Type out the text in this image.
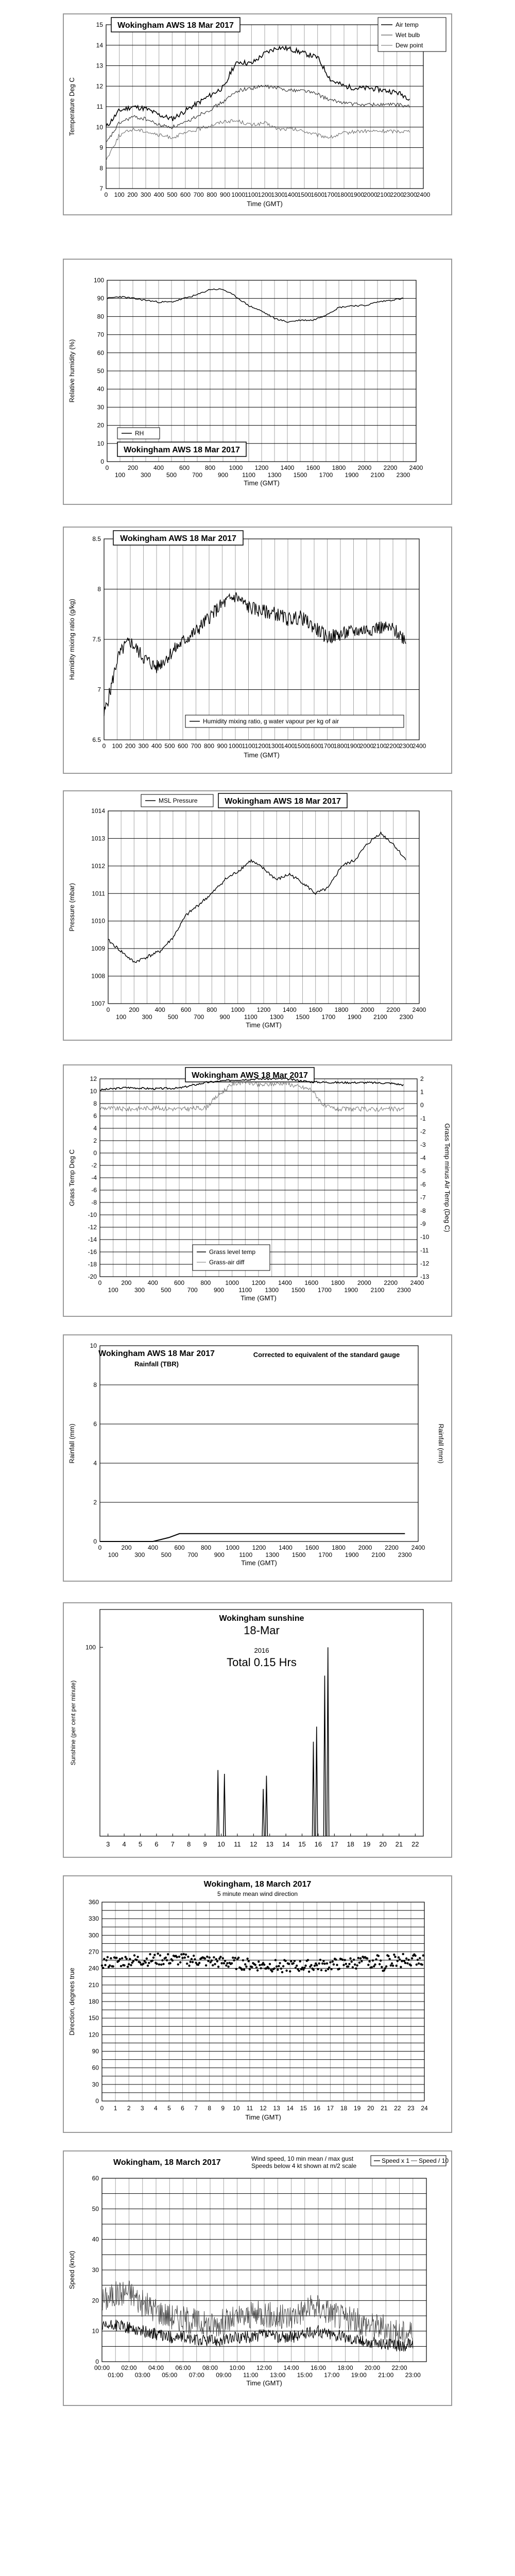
7
8
9
10
11
12
13
14
15
0 100 200 300 400 500 600 700 800 900 1000 1100 1200
1300
1400
1500
1600
1700
1800
1900
2000
2100
2200
2300
2400
Time (GMT)
Temperature Deg C
Wokingham AWS 18 Mar 2017	Air temp
Wet bulb
Dew point
0
10
20
30
40
50
60
70
80
90
100
0	200 400 600 800 1000 1200 1400 1600 1800 2000 2200 2400
100 300 500 700 900 1100 1300 1500 1700 1900 2100 2300
Time (GMT)
Relative humidity (%)
RH
Wokingham AWS 18 Mar 2017
6.5
7
7.5
8
8.5
0 100 200 300 400 500 600 700 800 900 1000 1100 1200
1300
1400
1500
1600
1700
1800
1900
2000
2100
2200
2300
2400
Time (GMT)
Humidity mixing ratio (g/kg)
Wokingham AWS 18 Mar 2017
Humidity mixing ratio, g water vapour per kg of air
1007
1008
1009
1010
1011
1012
1013
1014
0	200	400	600	800 1000 1200 1400 1600 1800 2000 2200 2400
100	300	500	700	900 1100 1300 1500 1700 1900 2100 2300
Time (GMT)
Pressure (mbar)
MSL Pressure	Wokingham AWS 18 Mar 2017
12
10
8
6
4
2
0
-2
-4
-6
-8
-10
-12
-14
-16
-18
-20
2
1
0
-1
-2
-3
-4
-5
-6
-7
-8
-9
-10
-11
-12
-13
0	200	400	600	800 1000 1200 1400 1600 1800 2000 2200 2400
100	300	500	700	900 1100 1300 1500 1700 1900 2100 2300
Time (GMT)
Grass Temp Deg C	Grass Temp minus Air Temp (Deg C)
Wokingham AWS 18 Mar 2017
Grass level temp
Grass-air diff
0
2
4
6
8
10
0	200	400	600	800 1000 1200 1400 1600 1800 2000 2200 2400
100	300	500	700	900 1100 1300 1500 1700 1900 2100 2300
Time (GMT)
Rainfall (mm)	Rainfall (mm)
Wokingham AWS 18 Mar 2017
Rainfall (TBR)
Corrected to equivalent of the standard gauge
100
3 4 5 6 7 8 9 10 11 12 13 14 15 16 17 18 19 20 21 22
Sunshine (per cent per minute)
Wokingham sunshine
18-Mar
2016
Total 0.15 Hrs
0
30
60
90
120
150
180
210
240
270
300
330
360
0 1 2 3 4 5 6 7 8 9 10 11 12 13 14 15 16 17 18 19 20 21 22 23 24
Time (GMT)
Direction, degrees true
Wokingham, 18 March 2017
5 minute mean wind direction
0
10
20
30
40
50
60
00:00 02:00 04:00 06:00 08:00 10:00 12:00 14:00 16:00 18:00 20:00 22:00
01:00 03:00 05:00 07:00 09:00 11:00 13:00 15:00 17:00 19:00 21:00 23:00
Time (GMT)
Speed (knot)
Wokingham, 18 March 2017	Wind speed, 10 min mean / max gust
Speeds below 4 kt shown at m/2 scale
Speed x 1 Speed / 10
